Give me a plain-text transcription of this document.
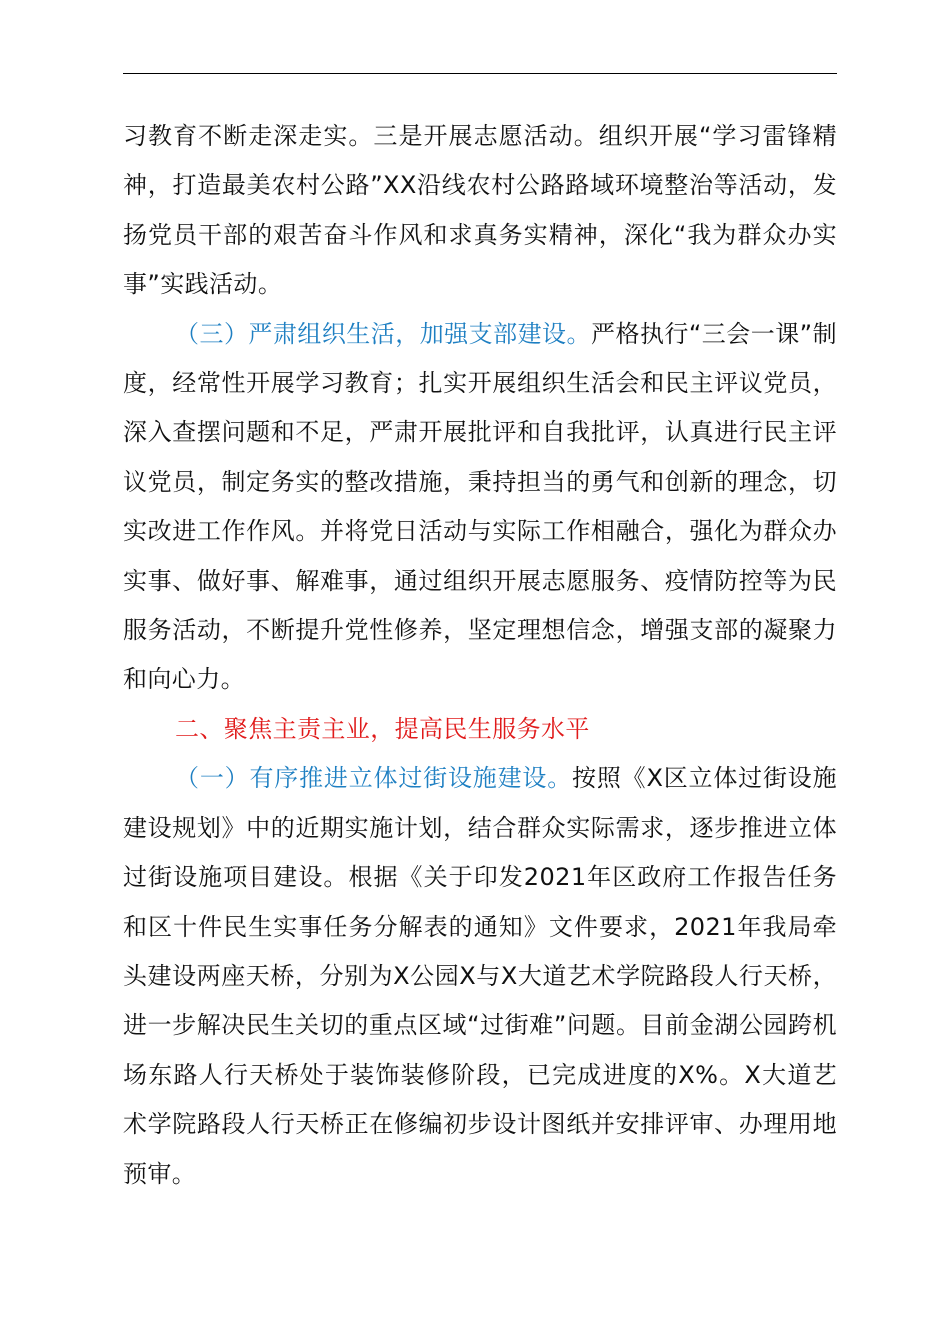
习教育不断走深走实。三是开展志愿活动。组织开展“学习雷锋精神，打造最美农村公路”XX沿线农村公路路域环境整治等活动，发扬党员干部的艰苦奋斗作风和求真务实精神，深化“我为群众办实事”实践活动。

（三）严肃组织生活，加强支部建设。严格执行“三会一课”制度，经常性开展学习教育；扎实开展组织生活会和民主评议党员，深入查摆问题和不足，严肃开展批评和自我批评，认真进行民主评议党员，制定务实的整改措施，秉持担当的勇气和创新的理念，切实改进工作作风。并将党日活动与实际工作相融合，强化为群众办实事、做好事、解难事，通过组织开展志愿服务、疫情防控等为民服务活动，不断提升党性修养，坚定理想信念，增强支部的凝聚力和向心力。

二、聚焦主责主业，提高民生服务水平

（一）有序推进立体过街设施建设。按照《X区立体过街设施建设规划》中的近期实施计划，结合群众实际需求，逐步推进立体过街设施项目建设。根据《关于印发2021年区政府工作报告任务和区十件民生实事任务分解表的通知》文件要求，2021年我局牵头建设两座天桥，分别为X公园X与X大道艺术学院路段人行天桥，进一步解决民生关切的重点区域“过街难”问题。目前金湖公园跨机场东路人行天桥处于装饰装修阶段，已完成进度的X%。X大道艺术学院路段人行天桥正在修编初步设计图纸并安排评审、办理用地预审。
